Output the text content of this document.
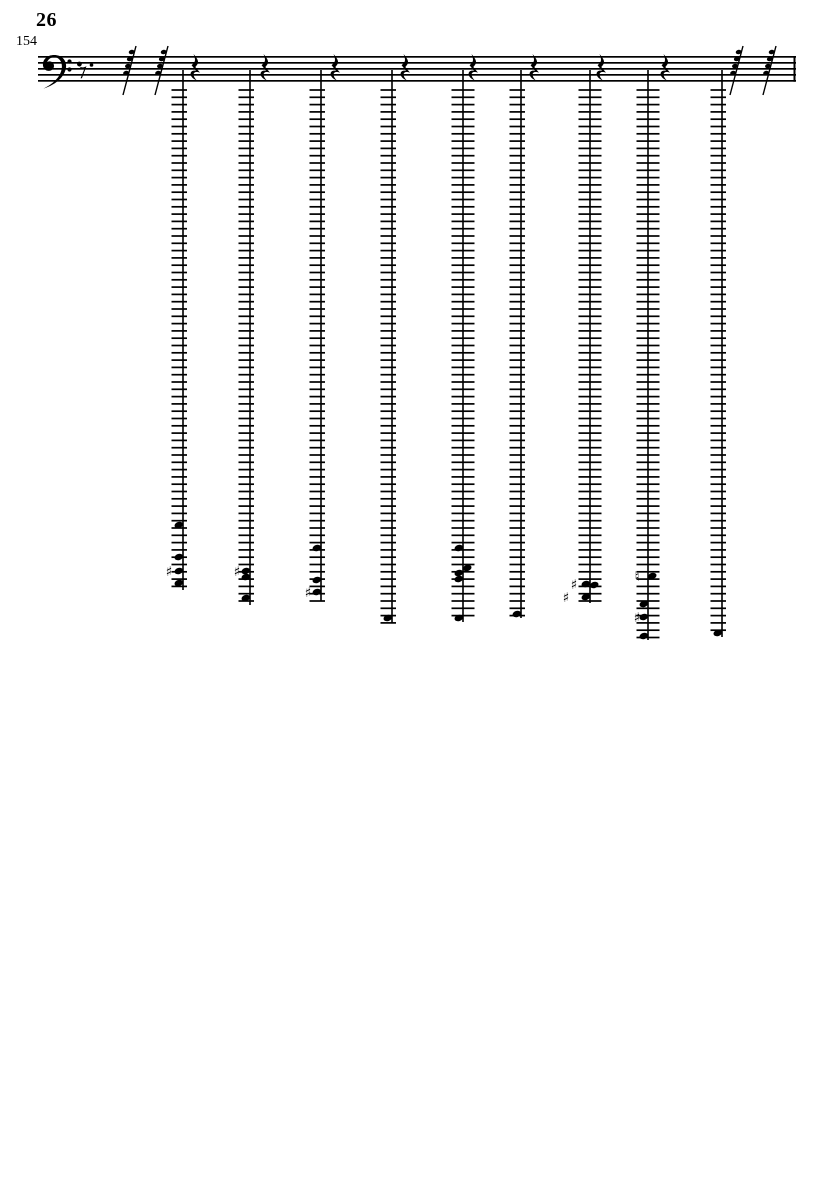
26
154
♯	♯
♯	♯
♯
♮
♯
